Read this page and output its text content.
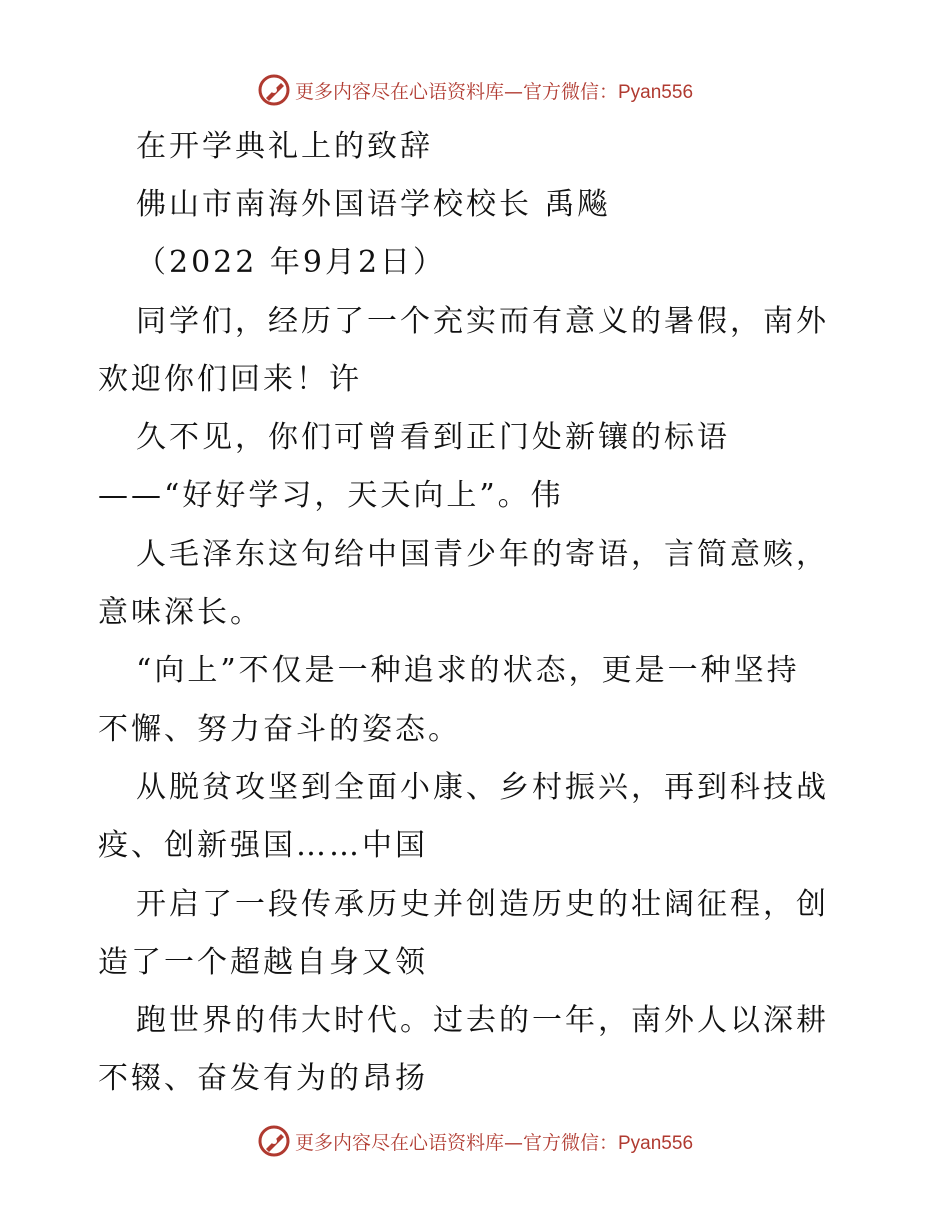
更多内容尽在心语资料库—官方微信：Pyan556
在开学典礼上的致辞
佛山市南海外国语学校校长 禹飚
（2022 年9月2日）
同学们，经历了一个充实而有意义的暑假，南外
欢迎你们回来！许
久不见，你们可曾看到正门处新镶的标语
——“好好学习，天天向上”。伟
人毛泽东这句给中国青少年的寄语，言简意赅，
意味深长。
“向上”不仅是一种追求的状态，更是一种坚持
不懈、努力奋斗的姿态。
从脱贫攻坚到全面小康、乡村振兴，再到科技战
疫、创新强国……中国
开启了一段传承历史并创造历史的壮阔征程，创
造了一个超越自身又领
跑世界的伟大时代。过去的一年，南外人以深耕
不辍、奋发有为的昂扬
更多内容尽在心语资料库—官方微信：Pyan556
